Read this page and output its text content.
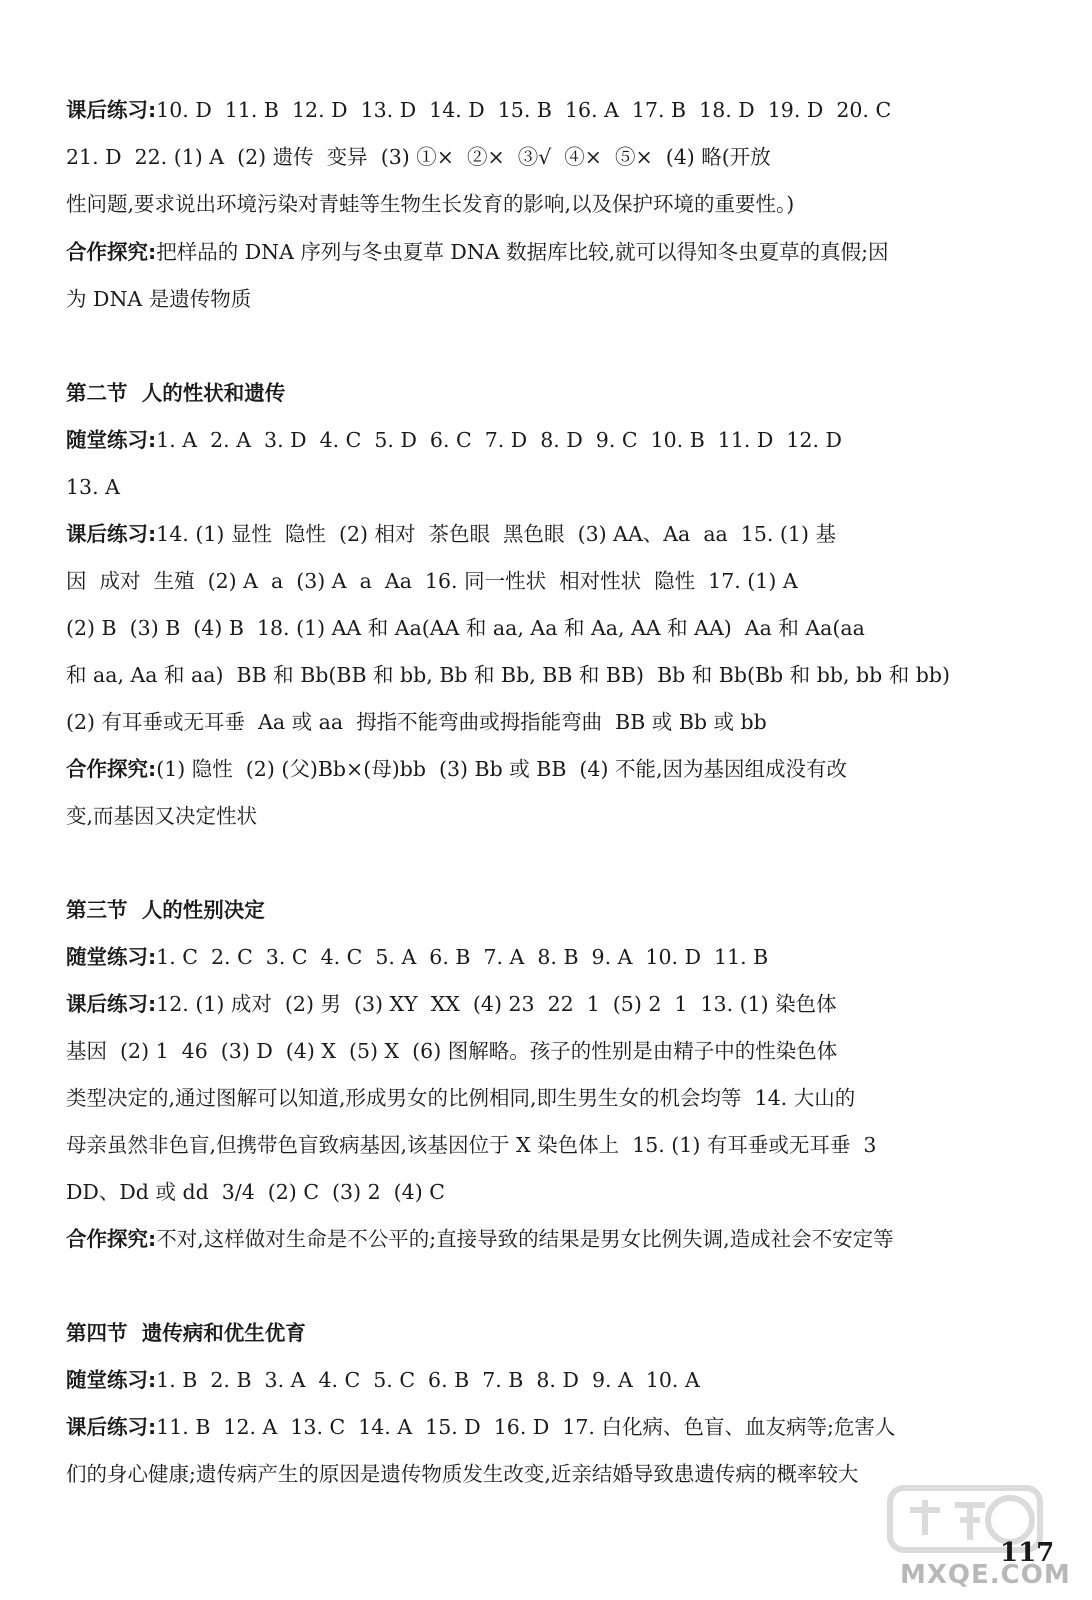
课后练习:10. D  11. B  12. D  13. D  14. D  15. B  16. A  17. B  18. D  19. D  20. C
21. D  22. (1) A  (2) 遗传  变异  (3) ①×  ②×  ③√  ④×  ⑤×  (4) 略(开放
性问题,要求说出环境污染对青蛙等生物生长发育的影响,以及保护环境的重要性。)
合作探究:把样品的 DNA 序列与冬虫夏草 DNA 数据库比较,就可以得知冬虫夏草的真假;因
为 DNA 是遗传物质
第二节  人的性状和遗传
随堂练习:1. A  2. A  3. D  4. C  5. D  6. C  7. D  8. D  9. C  10. B  11. D  12. D
13. A
课后练习:14. (1) 显性  隐性  (2) 相对  茶色眼  黑色眼  (3) AA、Aa  aa  15. (1) 基
因  成对  生殖  (2) A  a  (3) A  a  Aa  16. 同一性状  相对性状  隐性  17. (1) A
(2) B  (3) B  (4) B  18. (1) AA 和 Aa(AA 和 aa, Aa 和 Aa, AA 和 AA)  Aa 和 Aa(aa
和 aa, Aa 和 aa)  BB 和 Bb(BB 和 bb, Bb 和 Bb, BB 和 BB)  Bb 和 Bb(Bb 和 bb, bb 和 bb)
(2) 有耳垂或无耳垂  Aa 或 aa  拇指不能弯曲或拇指能弯曲  BB 或 Bb 或 bb
合作探究:(1) 隐性  (2) (父)Bb×(母)bb  (3) Bb 或 BB  (4) 不能,因为基因组成没有改
变,而基因又决定性状
第三节  人的性别决定
随堂练习:1. C  2. C  3. C  4. C  5. A  6. B  7. A  8. B  9. A  10. D  11. B
课后练习:12. (1) 成对  (2) 男  (3) XY  XX  (4) 23  22  1  (5) 2  1  13. (1) 染色体
基因  (2) 1  46  (3) D  (4) X  (5) X  (6) 图解略。孩子的性别是由精子中的性染色体
类型决定的,通过图解可以知道,形成男女的比例相同,即生男生女的机会均等  14. 大山的
母亲虽然非色盲,但携带色盲致病基因,该基因位于 X 染色体上  15. (1) 有耳垂或无耳垂  3
DD、Dd 或 dd  3/4  (2) C  (3) 2  (4) C
合作探究:不对,这样做对生命是不公平的;直接导致的结果是男女比例失调,造成社会不安定等
第四节  遗传病和优生优育
随堂练习:1. B  2. B  3. A  4. C  5. C  6. B  7. B  8. D  9. A  10. A
课后练习:11. B  12. A  13. C  14. A  15. D  16. D  17. 白化病、色盲、血友病等;危害人
们的身心健康;遗传病产生的原因是遗传物质发生改变,近亲结婚导致患遗传病的概率较大
MXQE.COM
117
